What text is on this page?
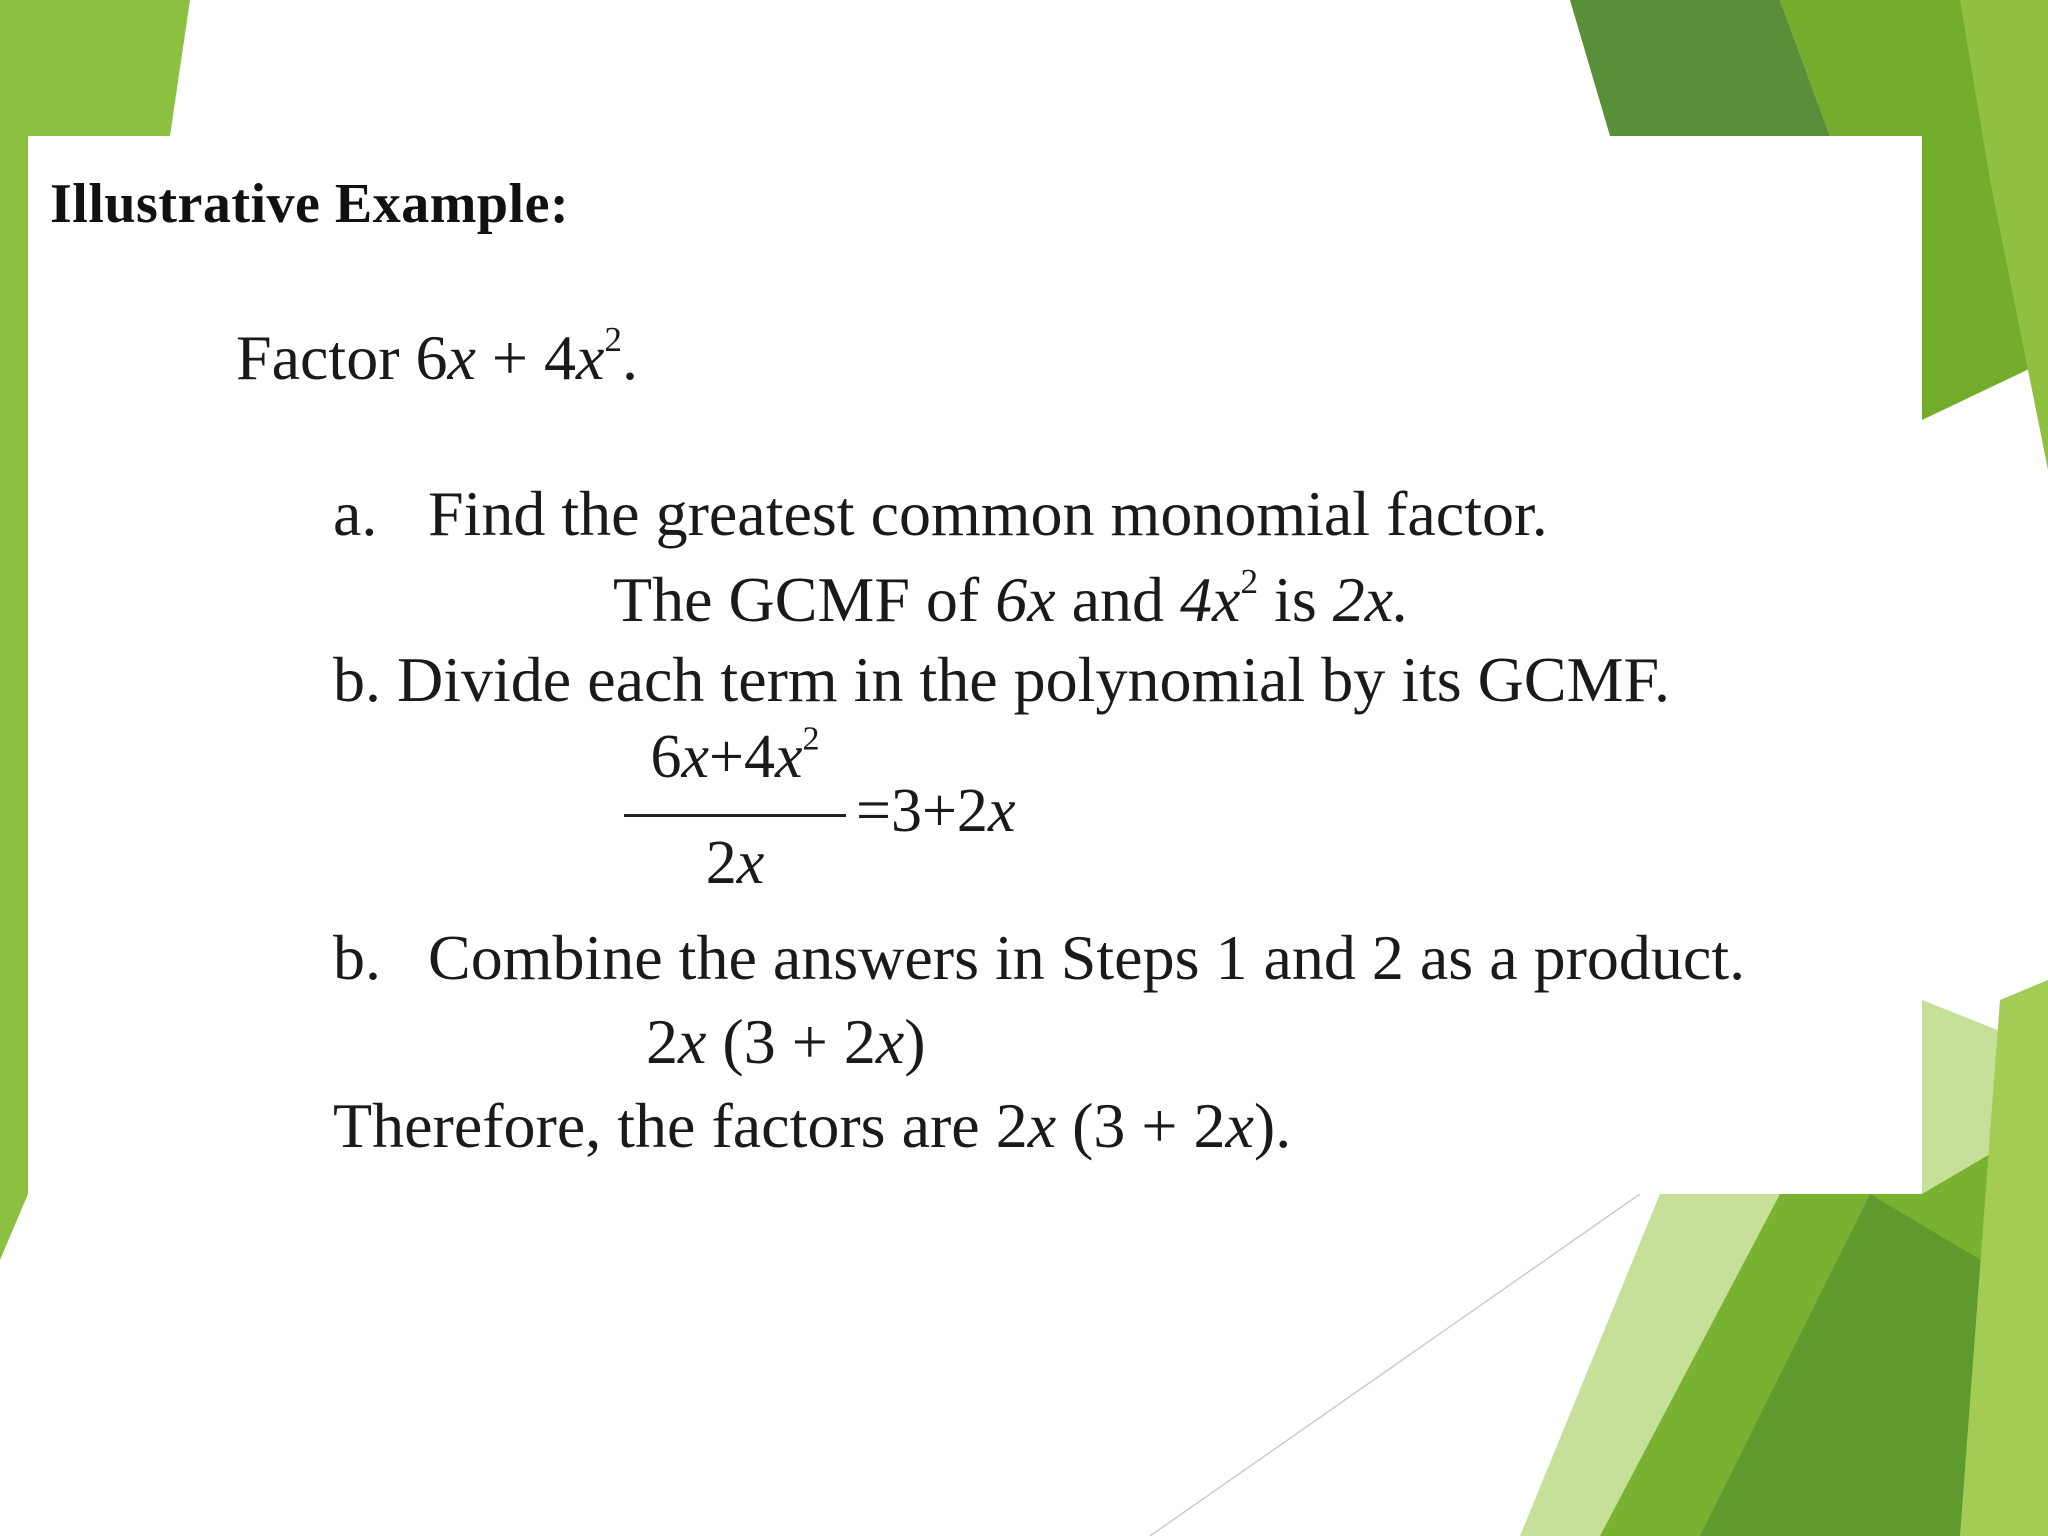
Illustrative Example:
Factor $6x + 4x^2$.
a. Find the greatest common monomial factor.
The GCMF of 6x and $4x^2$ is 2x.
b. Divide each term in the polynomial by its GCMF.
$6x+4x^2$
2x
=3+2x
b. Combine the answers in Steps 1 and 2 as a product.
2x (3 + 2x)
Therefore, the factors are 2x (3 + 2x).
